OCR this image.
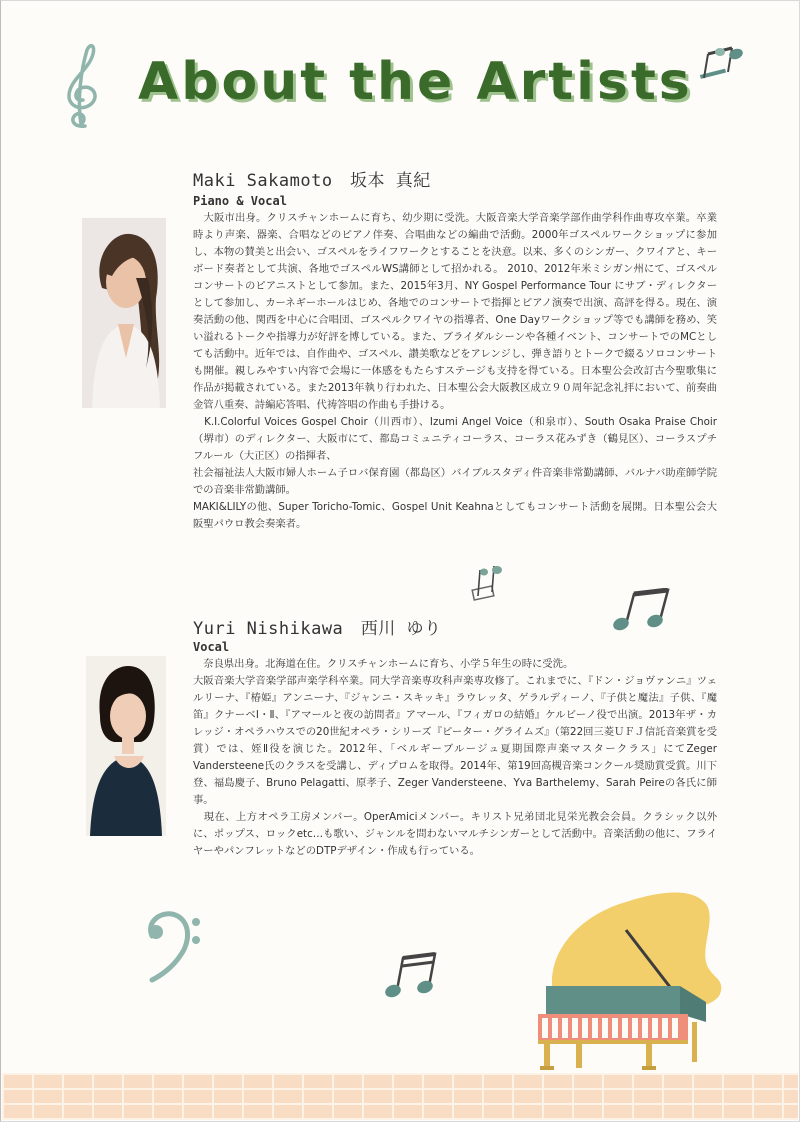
About the Artists
Maki Sakamoto　坂本 真紀
Piano & Vocal

　大阪市出身。クリスチャンホームに育ち、幼少期に受洗。大阪音楽大学音楽学部作曲学科作曲専攻卒業。卒業時より声楽、器楽、合唱などのピアノ伴奏、合唱曲などの編曲で活動。2000年ゴスペルワークショップに参加し、本物の賛美と出会い、ゴスペルをライフワークとすることを決意。以来、多くのシンガー、クワイアと、キーボード奏者として共演、各地でゴスペルWS講師として招かれる。 2010、2012年米ミシガン州にて、ゴスペルコンサートのピアニストとして参加。また、2015年3月、NY Gospel Performance Tour にサブ・ディレクターとして参加し、カーネギーホールはじめ、各地でのコンサートで指揮とピアノ演奏で出演、高評を得る。現在、演奏活動の他、関西を中心に合唱団、ゴスペルクワイヤの指導者、One Dayワークショップ等でも講師を務め、笑い溢れるトークや指導力が好評を博している。また、ブライダルシーンや各種イベント、コンサートでのMCとしても活動中。近年では、自作曲や、ゴスペル、讃美歌などをアレンジし、弾き語りとトークで綴るソロコンサートも開催。親しみやすい内容で会場に一体感をもたらすステージも支持を得ている。日本聖公会改訂古今聖歌集に作品が掲載されている。また2013年執り行われた、日本聖公会大阪教区成立９０周年記念礼拝において、前奏曲金管八重奏、詩編応答唱、代祷答唱の作曲も手掛ける。

　K.I.Colorful Voices Gospel Choir（川西市）、Izumi Angel Voice（和泉市）、South Osaka Praise Choir（堺市）のディレクター、大阪市にて、都島コミュニティコーラス、コーラス花みずき（鶴見区）、コーラスプチフルール（大正区）の指揮者、

社会福祉法人大阪市婦人ホーム子ロバ保育園（都島区）バイブルスタディ件音楽非常勤講師、バルナバ助産師学院での音楽非常勤講師。

MAKI&LILYの他、Super Toricho-Tomic、Gospel Unit Keahnaとしてもコンサート活動を展開。日本聖公会大阪聖パウロ教会奏楽者。

Yuri Nishikawa　西川 ゆり
Vocal

　奈良県出身。北海道在住。クリスチャンホームに育ち、小学５年生の時に受洗。

大阪音楽大学音楽学部声楽学科卒業。同大学音楽専攻科声楽専攻修了。これまでに、『ドン・ジョヴァンニ』ツェルリーナ、『椿姫』アンニーナ、『ジャンニ・スキッキ』ラウレッタ、ゲラルディーノ、『子供と魔法』子供、『魔笛』クナーベⅠ・Ⅱ、『アマールと夜の訪問者』アマール、『フィガロの結婚』ケルビーノ役で出演。2013年ザ・カレッジ・オペラハウスでの20世紀オペラ・シリーズ『ピーター・グライムズ』（第22回三菱ＵＦＪ信託音楽賞を受賞）では、姪Ⅱ役を演じた。2012年、「ベルギーブルージュ夏期国際声楽マスタークラス」にてZeger Vandersteene氏のクラスを受講し、ディプロムを取得。2014年、第19回高槻音楽コンクール奨励賞受賞。川下登、福島慶子、Bruno Pelagatti、原孝子、Zeger Vandersteene、Yva Barthelemy、Sarah Peireの各氏に師事。

　現在、上方オペラ工房メンバー。OperAmiciメンバー。キリスト兄弟団北見栄光教会会員。クラシック以外に、ポップス、ロックetc…も歌い、ジャンルを問わないマルチシンガーとして活動中。音楽活動の他に、フライヤーやパンフレットなどのDTPデザイン・作成も行っている。
